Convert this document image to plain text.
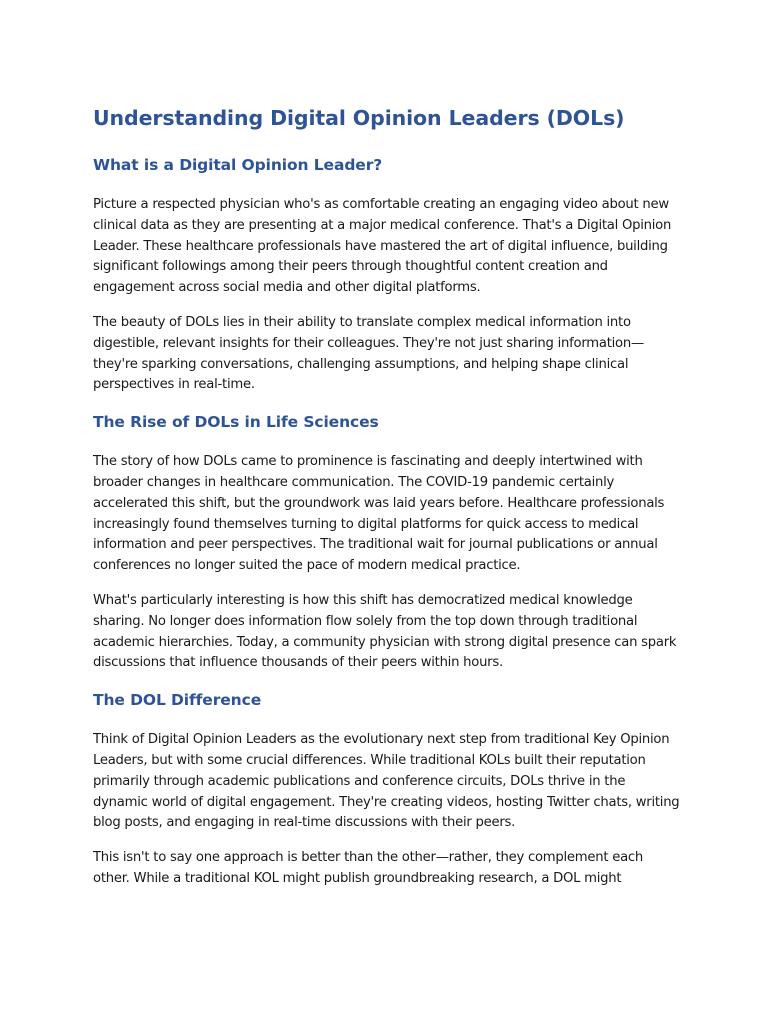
Understanding Digital Opinion Leaders (DOLs)
What is a Digital Opinion Leader?

Picture a respected physician who's as comfortable creating an engaging video about new clinical data as they are presenting at a major medical conference. That's a Digital Opinion Leader. These healthcare professionals have mastered the art of digital influence, building significant followings among their peers through thoughtful content creation and engagement across social media and other digital platforms.

The beauty of DOLs lies in their ability to translate complex medical information into digestible, relevant insights for their colleagues. They're not just sharing information—they're sparking conversations, challenging assumptions, and helping shape clinical perspectives in real-time.

The Rise of DOLs in Life Sciences

The story of how DOLs came to prominence is fascinating and deeply intertwined with broader changes in healthcare communication. The COVID-19 pandemic certainly accelerated this shift, but the groundwork was laid years before. Healthcare professionals increasingly found themselves turning to digital platforms for quick access to medical information and peer perspectives. The traditional wait for journal publications or annual conferences no longer suited the pace of modern medical practice.

What's particularly interesting is how this shift has democratized medical knowledge sharing. No longer does information flow solely from the top down through traditional academic hierarchies. Today, a community physician with strong digital presence can spark discussions that influence thousands of their peers within hours.

The DOL Difference

Think of Digital Opinion Leaders as the evolutionary next step from traditional Key Opinion Leaders, but with some crucial differences. While traditional KOLs built their reputation primarily through academic publications and conference circuits, DOLs thrive in the dynamic world of digital engagement. They're creating videos, hosting Twitter chats, writing blog posts, and engaging in real-time discussions with their peers.

This isn't to say one approach is better than the other—rather, they complement each other. While a traditional KOL might publish groundbreaking research, a DOL might
